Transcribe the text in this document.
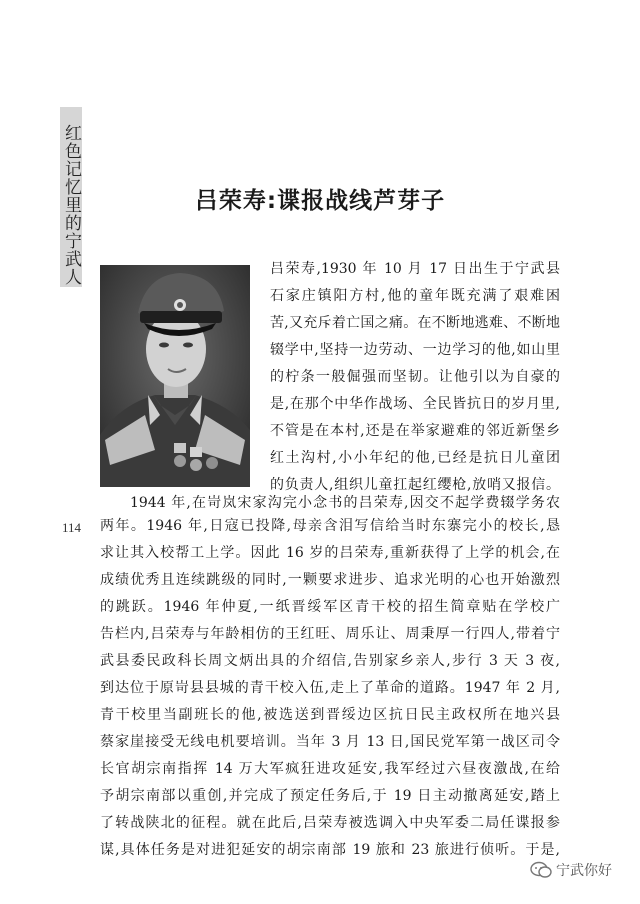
红色记忆里的宁武人
114
吕荣寿:谍报战线芦芽子
吕荣寿,1930 年 10 月 17 日出生于宁武县
石家庄镇阳方村,他的童年既充满了艰难困
苦,又充斥着亡国之痛。在不断地逃难、不断地
辍学中,坚持一边劳动、一边学习的他,如山里
的柠条一般倔强而坚韧。让他引以为自豪的
是,在那个中华作战场、全民皆抗日的岁月里,
不管是在本村,还是在举家避难的邻近新堡乡
红土沟村,小小年纪的他,已经是抗日儿童团
的负责人,组织儿童扛起红缨枪,放哨又报信。
1944 年,在岢岚宋家沟完小念书的吕荣寿,因交不起学费辍学务农
两年。1946 年,日寇已投降,母亲含泪写信给当时东寨完小的校长,恳
求让其入校帮工上学。因此 16 岁的吕荣寿,重新获得了上学的机会,在
成绩优秀且连续跳级的同时,一颗要求进步、追求光明的心也开始激烈
的跳跃。1946 年仲夏,一纸晋绥军区青干校的招生简章贴在学校广
告栏内,吕荣寿与年龄相仿的王红旺、周乐让、周秉厚一行四人,带着宁
武县委民政科长周文炳出具的介绍信,告别家乡亲人,步行 3 天 3 夜,
到达位于原岢县县城的青干校入伍,走上了革命的道路。1947 年 2 月,
青干校里当副班长的他,被选送到晋绥边区抗日民主政权所在地兴县
蔡家崖接受无线电机要培训。当年 3 月 13 日,国民党军第一战区司令
长官胡宗南指挥 14 万大军疯狂进攻延安,我军经过六昼夜激战,在给
予胡宗南部以重创,并完成了预定任务后,于 19 日主动撤离延安,踏上
了转战陕北的征程。就在此后,吕荣寿被选调入中央军委二局任谍报参
谋,具体任务是对进犯延安的胡宗南部 19 旅和 23 旅进行侦听。于是,
宁武你好
